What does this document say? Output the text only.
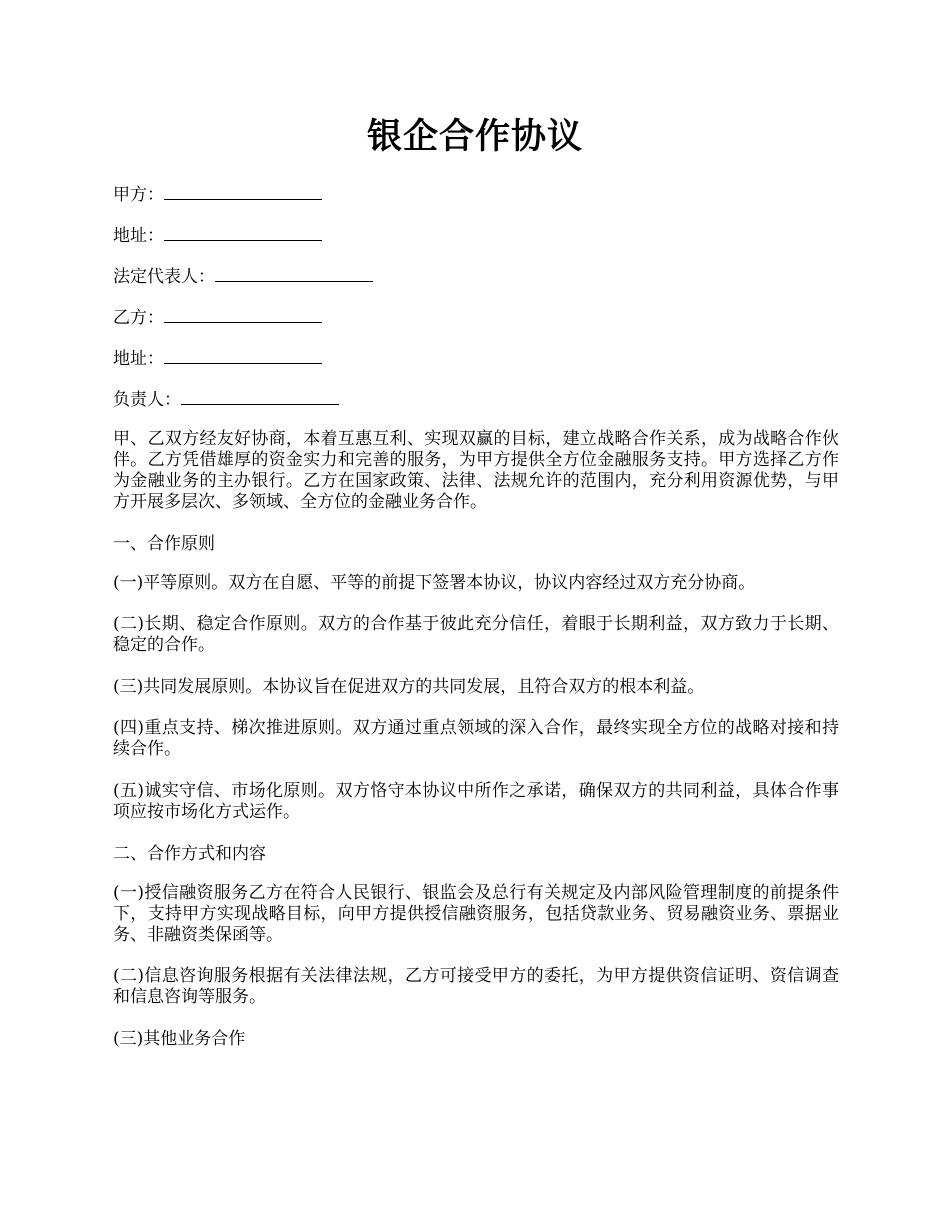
银企合作协议
甲方：
地址：
法定代表人：
乙方：
地址：
负责人：
甲、乙双方经友好协商，本着互惠互利、实现双赢的目标，建立战略合作关系，成为战略合作伙伴。乙方凭借雄厚的资金实力和完善的服务，为甲方提供全方位金融服务支持。甲方选择乙方作为金融业务的主办银行。乙方在国家政策、法律、法规允许的范围内，充分利用资源优势，与甲方开展多层次、多领域、全方位的金融业务合作。
一、合作原则
(一)平等原则。双方在自愿、平等的前提下签署本协议，协议内容经过双方充分协商。
(二)长期、稳定合作原则。双方的合作基于彼此充分信任，着眼于长期利益，双方致力于长期、稳定的合作。
(三)共同发展原则。本协议旨在促进双方的共同发展，且符合双方的根本利益。
(四)重点支持、梯次推进原则。双方通过重点领域的深入合作，最终实现全方位的战略对接和持续合作。
(五)诚实守信、市场化原则。双方恪守本协议中所作之承诺，确保双方的共同利益，具体合作事项应按市场化方式运作。
二、合作方式和内容
(一)授信融资服务乙方在符合人民银行、银监会及总行有关规定及内部风险管理制度的前提条件下，支持甲方实现战略目标，向甲方提供授信融资服务，包括贷款业务、贸易融资业务、票据业务、非融资类保函等。
(二)信息咨询服务根据有关法律法规，乙方可接受甲方的委托，为甲方提供资信证明、资信调查和信息咨询等服务。
(三)其他业务合作
